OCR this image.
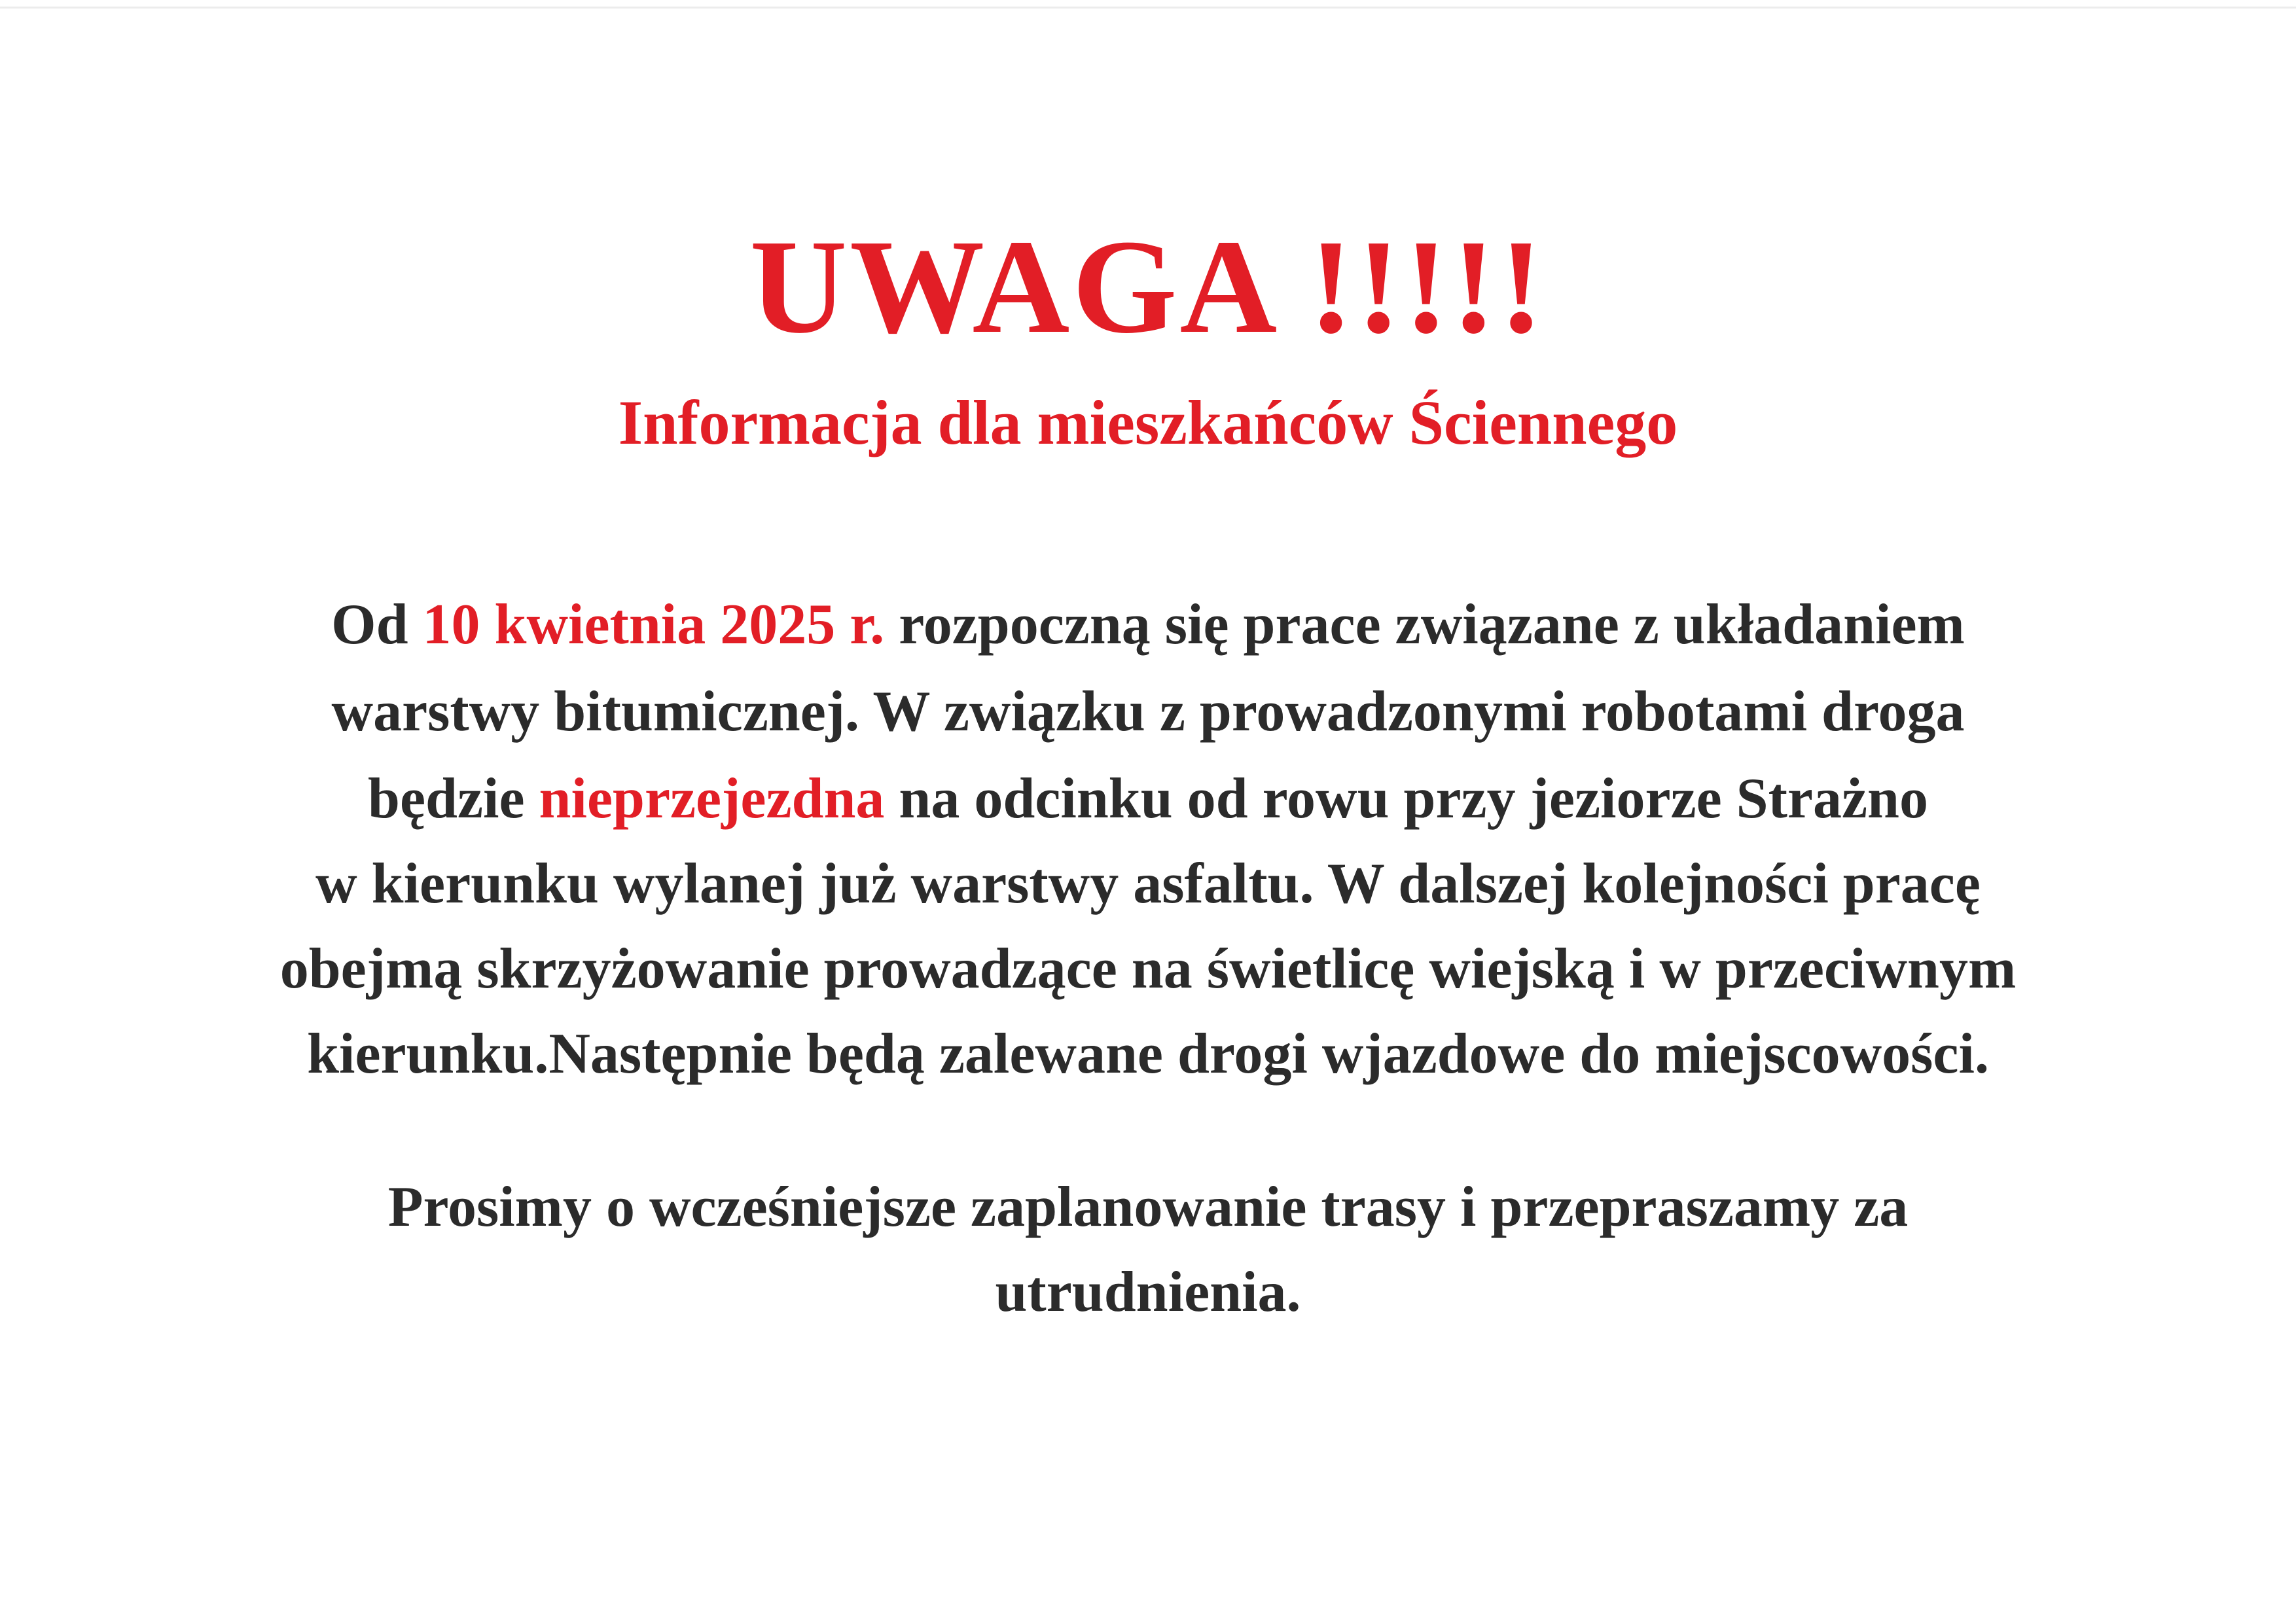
UWAGA !!!!!
Informacja dla mieszkańców Ściennego

Od 10 kwietnia 2025 r. rozpoczną się prace związane z układaniem

warstwy bitumicznej. W związku z prowadzonymi robotami droga

będzie nieprzejezdna na odcinku od rowu przy jeziorze Strażno

w kierunku wylanej już warstwy asfaltu. W dalszej kolejności pracę

obejmą skrzyżowanie prowadzące na świetlicę wiejską i w przeciwnym

kierunku.Następnie będą zalewane drogi wjazdowe do miejscowości.

Prosimy o wcześniejsze zaplanowanie trasy i przepraszamy za

utrudnienia.
